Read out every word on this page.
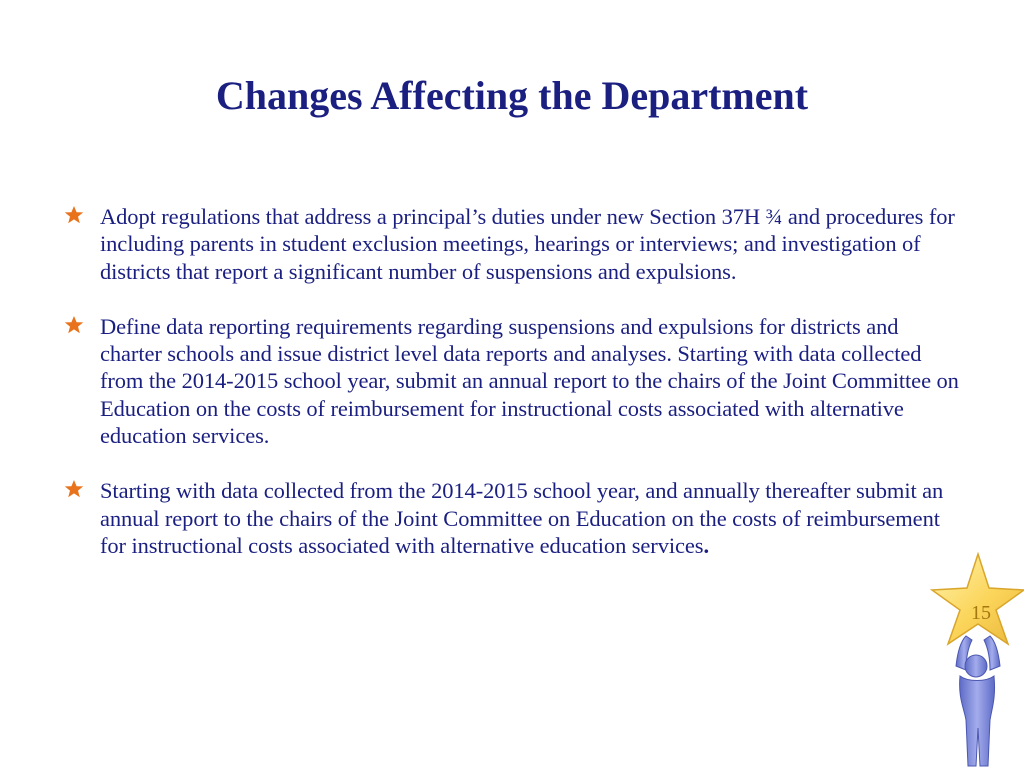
Changes Affecting the Department
Adopt regulations that address a principal’s duties under new Section 37H ¾ and procedures for including parents in student exclusion meetings, hearings or interviews; and investigation of districts that report a significant number of suspensions and expulsions.
Define data reporting requirements regarding suspensions and expulsions for districts and charter schools and issue district level data reports and analyses. Starting with data collected from the 2014-2015 school year, submit an annual report to the chairs of the Joint Committee on Education on the costs of reimbursement for instructional costs associated with alternative education services.
Starting with data collected from the 2014-2015 school year, and annually thereafter submit an annual report to the chairs of the Joint Committee on Education on the costs of reimbursement for instructional costs associated with alternative education services.
15
